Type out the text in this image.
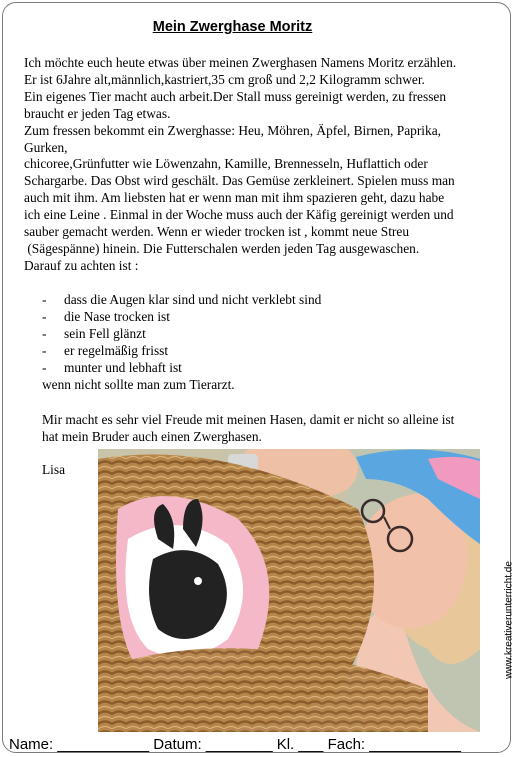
Mein Zwerghase Moritz

Ich möchte euch heute etwas über meinen Zwerghasen Namens Moritz erzählen.

Er ist 6Jahre alt,männlich,kastriert,35 cm groß und 2,2 Kilogramm schwer.

Ein eigenes Tier macht auch arbeit.Der Stall muss gereinigt werden, zu fressen

braucht er jeden Tag etwas.

Zum fressen bekommt ein Zwerghasse: Heu, Möhren, Äpfel, Birnen, Paprika,

Gurken,

chicoree,Grünfutter wie Löwenzahn, Kamille, Brennesseln, Huflattich oder

Schargarbe. Das Obst wird geschält. Das Gemüse zerkleinert. Spielen muss man

auch mit ihm. Am liebsten hat er wenn man mit ihm spazieren geht, dazu habe

ich eine Leine . Einmal in der Woche muss auch der Käfig gereinigt werden und

sauber gemacht werden. Wenn er wieder trocken ist , kommt neue Streu

(Sägespänne) hinein. Die Futterschalen werden jeden Tag ausgewaschen.

Darauf zu achten ist :

- dass die Augen klar sind und nicht verklebt sind
- die Nase trocken ist
- sein Fell glänzt
- er regelmäßig frisst
- munter und lebhaft ist
wenn nicht sollte man zum Tierarzt.

Mir macht es sehr viel Freude mit meinen Hasen, damit er nicht so alleine ist

hat mein Bruder auch einen Zwerghasen.

Lisa
Name: ___________ Datum: ________ Kl. ___ Fach: ___________
www.kreativerunterricht.de
